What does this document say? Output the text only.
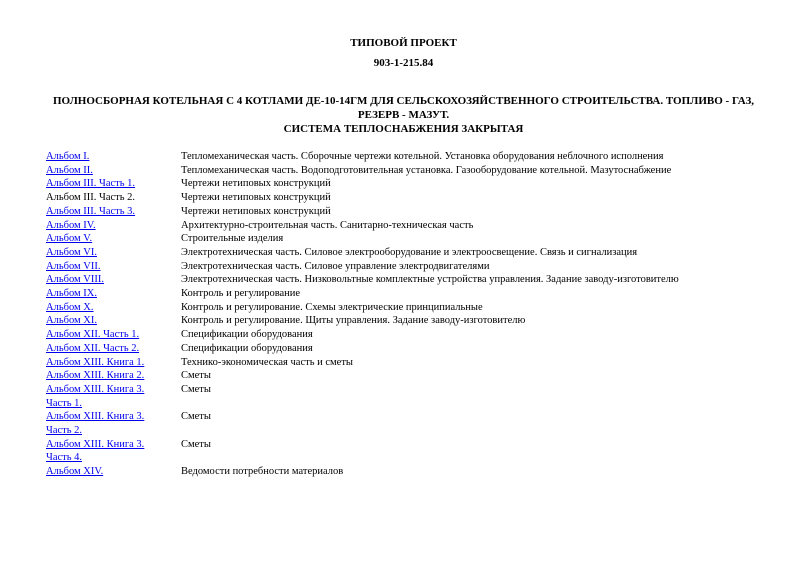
ТИПОВОЙ ПРОЕКТ
903-1-215.84
ПОЛНОСБОРНАЯ КОТЕЛЬНАЯ С 4 КОТЛАМИ ДЕ-10-14ГМ ДЛЯ СЕЛЬСКОХОЗЯЙСТВЕННОГО СТРОИТЕЛЬСТВА. ТОПЛИВО - ГАЗ,
РЕЗЕРВ - МАЗУТ.
СИСТЕМА ТЕПЛОСНАБЖЕНИЯ ЗАКРЫТАЯ
Альбом I.	Тепломеханическая часть. Сборочные чертежи котельной. Установка оборудования неблочного исполнения
Альбом II.	Тепломеханическая часть. Водоподготовительная установка. Газооборудование котельной. Мазутоснабжение
Альбом III. Часть 1.	Чертежи нетиповых конструкций
Альбом III. Часть 2.	Чертежи нетиповых конструкций
Альбом III. Часть 3.	Чертежи нетиповых конструкций
Альбом IV.	Архитектурно-строительная часть. Санитарно-техническая часть
Альбом V.	Строительные изделия
Альбом VI.	Электротехническая часть. Силовое электрооборудование и электроосвещение. Связь и сигнализация
Альбом VII.	Электротехническая часть. Силовое управление электродвигателями
Альбом VIII.	Электротехническая часть. Низковольтные комплектные устройства управления. Задание заводу-изготовителю
Альбом IX.	Контроль и регулирование
Альбом X.	Контроль и регулирование. Схемы электрические принципиальные
Альбом XI.	Контроль и регулирование. Щиты управления. Задание заводу-изготовителю
Альбом XII. Часть 1.	Спецификации оборудования
Альбом XII. Часть 2.	Спецификации оборудования
Альбом XIII. Книга 1.	Технико-экономическая часть и сметы
Альбом XIII. Книга 2.	Сметы
Альбом XIII. Книга 3.	Сметы
Часть 1.
Альбом XIII. Книга 3.	Сметы
Часть 2.
Альбом XIII. Книга 3.	Сметы
Часть 4.
Альбом XIV.	Ведомости потребности материалов
